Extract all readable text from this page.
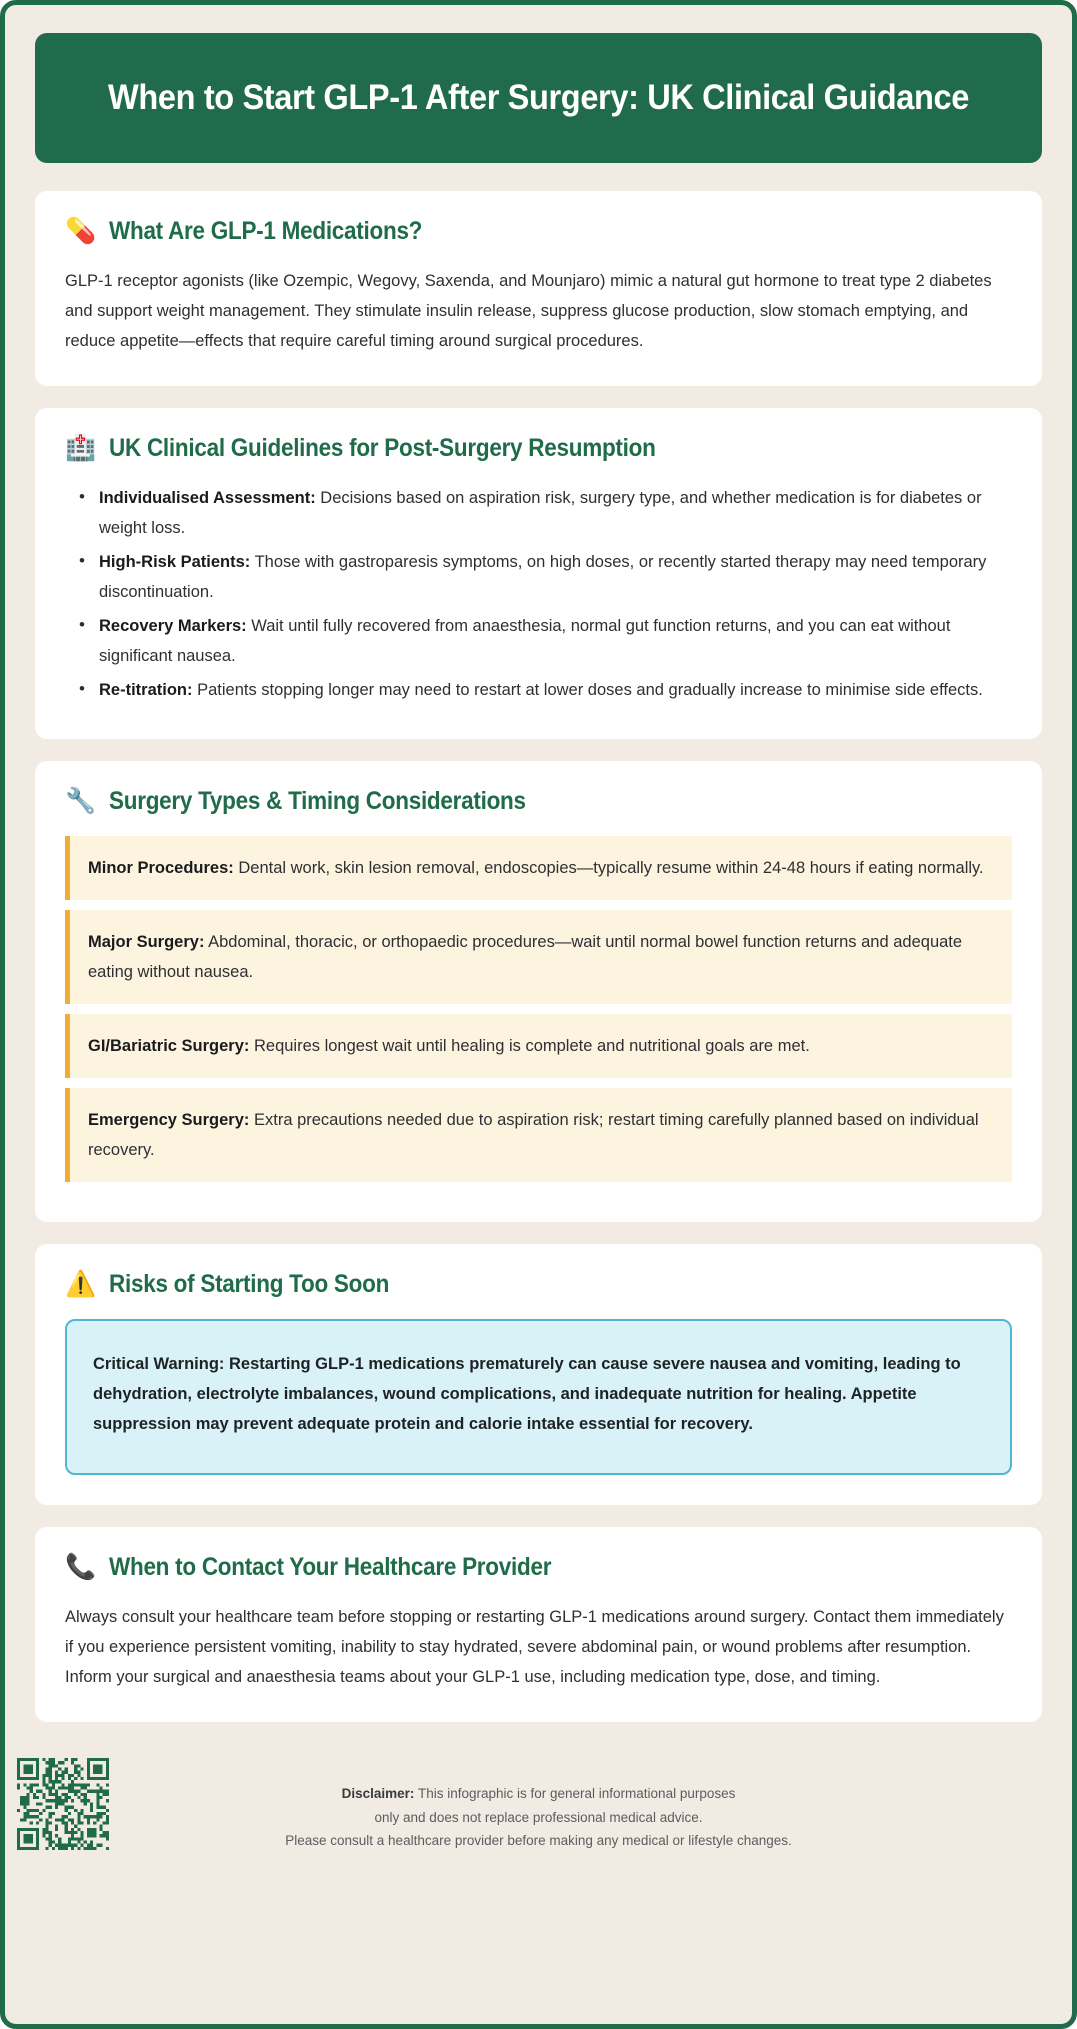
When to Start GLP-1 After Surgery: UK Clinical Guidance
💊 What Are GLP-1 Medications?

GLP-1 receptor agonists (like Ozempic, Wegovy, Saxenda, and Mounjaro) mimic a natural gut hormone to treat type 2 diabetes and support weight management. They stimulate insulin release, suppress glucose production, slow stomach emptying, and reduce appetite—effects that require careful timing around surgical procedures.

🏥 UK Clinical Guidelines for Post-Surgery Resumption
• Individualised Assessment: Decisions based on aspiration risk, surgery type, and whether medication is for diabetes or weight loss.
• High-Risk Patients: Those with gastroparesis symptoms, on high doses, or recently started therapy may need temporary discontinuation.
• Recovery Markers: Wait until fully recovered from anaesthesia, normal gut function returns, and you can eat without significant nausea.
• Re-titration: Patients stopping longer may need to restart at lower doses and gradually increase to minimise side effects.
🔧 Surgery Types & Timing Considerations
Minor Procedures: Dental work, skin lesion removal, endoscopies—typically resume within 24-48 hours if eating normally.
Major Surgery: Abdominal, thoracic, or orthopaedic procedures—wait until normal bowel function returns and adequate eating without nausea.
GI/Bariatric Surgery: Requires longest wait until healing is complete and nutritional goals are met.
Emergency Surgery: Extra precautions needed due to aspiration risk; restart timing carefully planned based on individual recovery.
⚠️ Risks of Starting Too Soon
Critical Warning: Restarting GLP-1 medications prematurely can cause severe nausea and vomiting, leading to dehydration, electrolyte imbalances, wound complications, and inadequate nutrition for healing. Appetite suppression may prevent adequate protein and calorie intake essential for recovery.
📞 When to Contact Your Healthcare Provider

Always consult your healthcare team before stopping or restarting GLP-1 medications around surgery. Contact them immediately if you experience persistent vomiting, inability to stay hydrated, severe abdominal pain, or wound problems after resumption. Inform your surgical and anaesthesia teams about your GLP-1 use, including medication type, dose, and timing.

Disclaimer: This infographic is for general informational purposes
only and does not replace professional medical advice.
Please consult a healthcare provider before making any medical or lifestyle changes.
